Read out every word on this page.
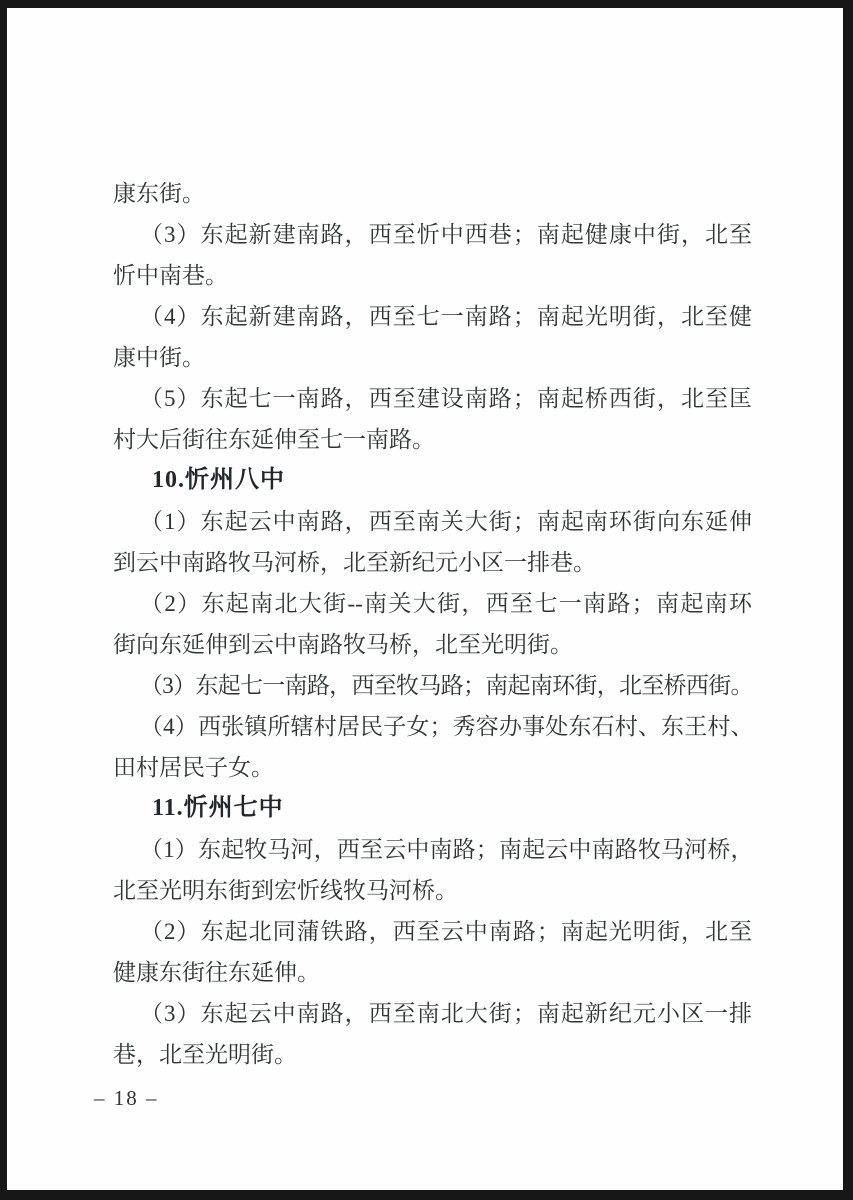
康东街。
（3）东起新建南路，西至忻中西巷；南起健康中街，北至
忻中南巷。
（4）东起新建南路，西至七一南路；南起光明街，北至健
康中街。
（5）东起七一南路，西至建设南路；南起桥西街，北至匡
村大后街往东延伸至七一南路。
10.忻州八中
（1）东起云中南路，西至南关大街；南起南环街向东延伸
到云中南路牧马河桥，北至新纪元小区一排巷。
（2）东起南北大街--南关大街，西至七一南路；南起南环
街向东延伸到云中南路牧马桥，北至光明街。
（3）东起七一南路，西至牧马路；南起南环街，北至桥西街。
（4）西张镇所辖村居民子女；秀容办事处东石村、东王村、
田村居民子女。
11.忻州七中
（1）东起牧马河，西至云中南路；南起云中南路牧马河桥，
北至光明东街到宏忻线牧马河桥。
（2）东起北同蒲铁路，西至云中南路；南起光明街，北至
健康东街往东延伸。
（3）东起云中南路，西至南北大街；南起新纪元小区一排
巷，北至光明街。
– 18 –
